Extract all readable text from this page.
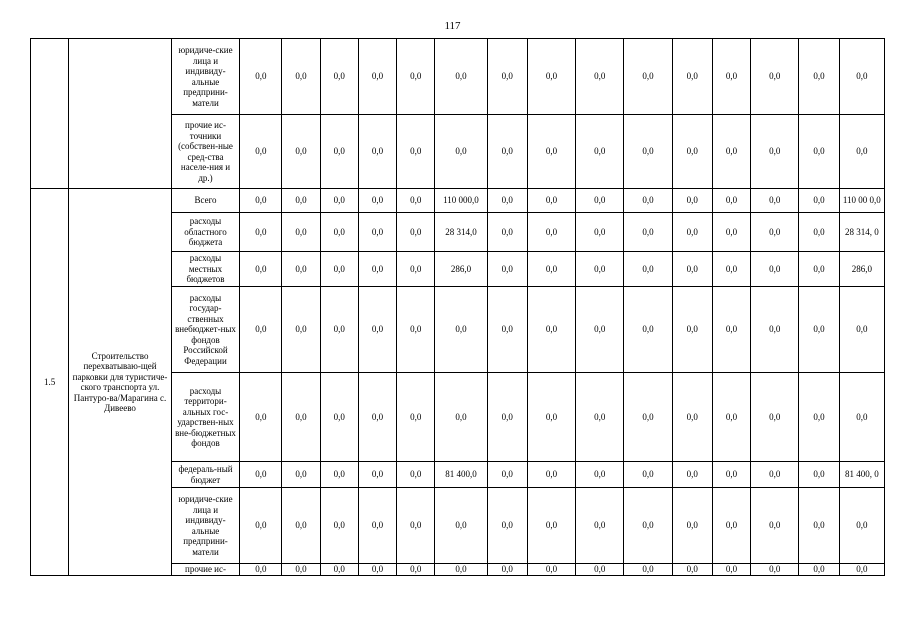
117
		юридиче-ские лица и индивиду-альные предприни-матели	0,0	0,0	0,0	0,0	0,0	0,0	0,0	0,0	0,0	0,0	0,0	0,0	0,0	0,0	0,0
		прочие ис-точники (собствен-ные сред-ства населе-ния и др.)	0,0	0,0	0,0	0,0	0,0	0,0	0,0	0,0	0,0	0,0	0,0	0,0	0,0	0,0	0,0
1.5	Строительство перехватываю-щей парковки для туристиче-ского транспорта ул. Пантуро-ва/Марагина с. Дивеево	Всего	0,0	0,0	0,0	0,0	0,0	110 000,0	0,0	0,0	0,0	0,0	0,0	0,0	0,0	0,0	110 00 0,0
		расходы областного бюджета	0,0	0,0	0,0	0,0	0,0	28 314,0	0,0	0,0	0,0	0,0	0,0	0,0	0,0	0,0	28 314, 0
		расходы местных бюджетов	0,0	0,0	0,0	0,0	0,0	286,0	0,0	0,0	0,0	0,0	0,0	0,0	0,0	0,0	286,0
		расходы государ-ственных внебюджет-ных фондов Российской Федерации	0,0	0,0	0,0	0,0	0,0	0,0	0,0	0,0	0,0	0,0	0,0	0,0	0,0	0,0	0,0
		расходы территори-альных гос-ударствен-ных вне-бюджетных фондов	0,0	0,0	0,0	0,0	0,0	0,0	0,0	0,0	0,0	0,0	0,0	0,0	0,0	0,0	0,0
		федераль-ный бюджет	0,0	0,0	0,0	0,0	0,0	81 400,0	0,0	0,0	0,0	0,0	0,0	0,0	0,0	0,0	81 400, 0
		юридиче-ские лица и индивиду-альные предприни-матели	0,0	0,0	0,0	0,0	0,0	0,0	0,0	0,0	0,0	0,0	0,0	0,0	0,0	0,0	0,0
		прочие ис-	0,0	0,0	0,0	0,0	0,0	0,0	0,0	0,0	0,0	0,0	0,0	0,0	0,0	0,0	0,0
